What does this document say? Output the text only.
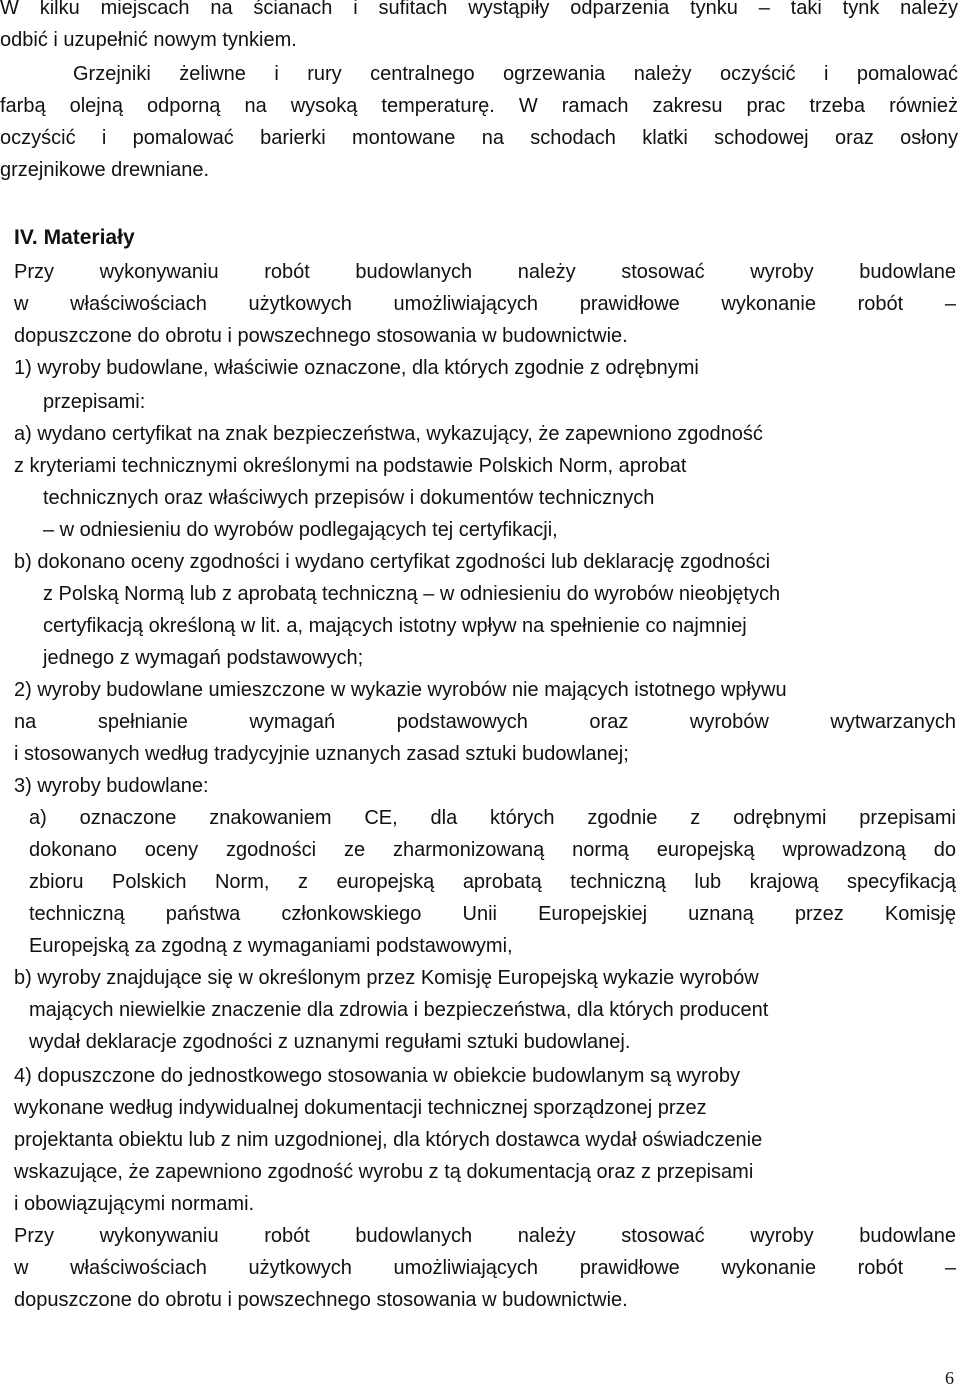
W kilku miejscach na ścianach i sufitach wystąpiły odparzenia tynku – taki tynk należy
odbić i uzupełnić nowym tynkiem.
Grzejniki żeliwne i rury centralnego ogrzewania należy oczyścić i pomalować
farbą olejną odporną na wysoką temperaturę. W ramach zakresu prac trzeba również
oczyścić i pomalować barierki montowane na schodach klatki schodowej oraz osłony
grzejnikowe drewniane.
IV. Materiały
Przy wykonywaniu robót budowlanych należy stosować wyroby budowlane
w właściwościach użytkowych umożliwiających prawidłowe wykonanie robót –
dopuszczone do obrotu i powszechnego stosowania w budownictwie.
1) wyroby budowlane, właściwie oznaczone, dla których zgodnie z odrębnymi
przepisami:
a) wydano certyfikat na znak bezpieczeństwa, wykazujący, że zapewniono zgodność
z kryteriami technicznymi określonymi na podstawie Polskich Norm, aprobat
technicznych oraz właściwych przepisów i dokumentów technicznych
– w odniesieniu do wyrobów podlegających tej certyfikacji,
b) dokonano oceny zgodności i wydano certyfikat zgodności lub deklarację zgodności
z Polską Normą lub z aprobatą techniczną – w odniesieniu do wyrobów nieobjętych
certyfikacją określoną w lit. a, mających istotny wpływ na spełnienie co najmniej
jednego z wymagań podstawowych;
2) wyroby budowlane umieszczone w wykazie wyrobów nie mających istotnego wpływu
na spełnianie wymagań podstawowych oraz wyrobów wytwarzanych
i stosowanych według tradycyjnie uznanych zasad sztuki budowlanej;
3) wyroby budowlane:
a) oznaczone znakowaniem CE, dla których zgodnie z odrębnymi przepisami
dokonano oceny zgodności ze zharmonizowaną normą europejską wprowadzoną do
zbioru Polskich Norm, z europejską aprobatą techniczną lub krajową specyfikacją
techniczną państwa członkowskiego Unii Europejskiej uznaną przez Komisję
Europejską za zgodną z wymaganiami podstawowymi,
b) wyroby znajdujące się w określonym przez Komisję Europejską wykazie wyrobów
mających niewielkie znaczenie dla zdrowia i bezpieczeństwa, dla których producent
wydał deklaracje zgodności z uznanymi regułami sztuki budowlanej.
4) dopuszczone do jednostkowego stosowania w obiekcie budowlanym są wyroby
wykonane według indywidualnej dokumentacji technicznej sporządzonej przez
projektanta obiektu lub z nim uzgodnionej, dla których dostawca wydał oświadczenie
wskazujące, że zapewniono zgodność wyrobu z tą dokumentacją oraz z przepisami
i obowiązującymi normami.
Przy wykonywaniu robót budowlanych należy stosować wyroby budowlane
w właściwościach użytkowych umożliwiających prawidłowe wykonanie robót –
dopuszczone do obrotu i powszechnego stosowania w budownictwie.
6
